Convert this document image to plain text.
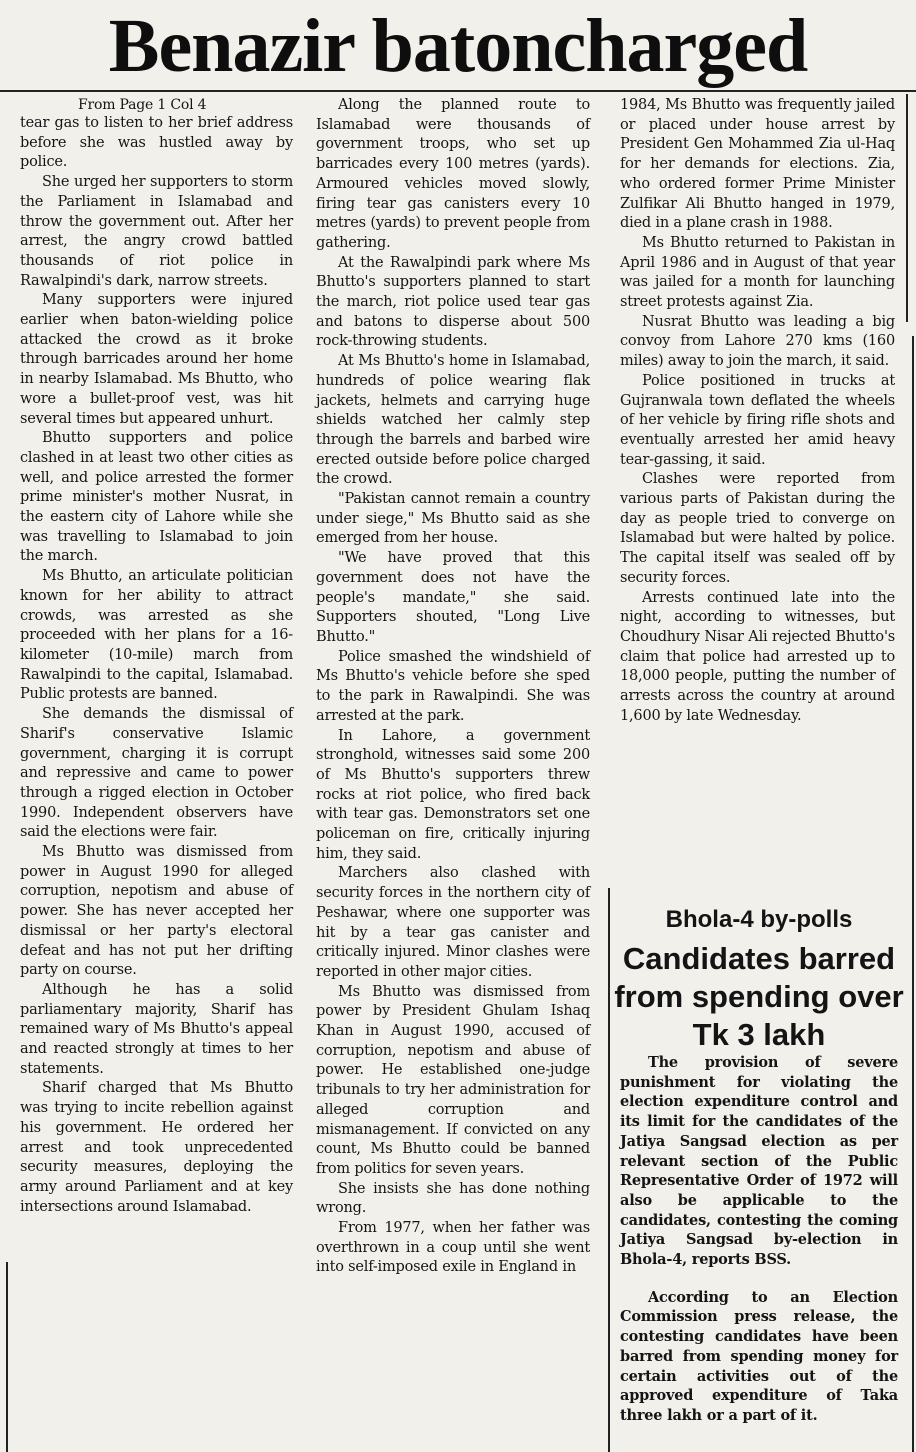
Benazir batoncharged

From Page 1 Col 4

tear gas to listen to her brief address before she was hustled away by police.

She urged her supporters to storm the Parliament in Islamabad and throw the government out. After her arrest, the angry crowd battled thousands of riot police in Rawalpindi's dark, narrow streets.

Many supporters were injured earlier when baton-wielding police attacked the crowd as it broke through barricades around her home in nearby Islamabad. Ms Bhutto, who wore a bullet-proof vest, was hit several times but appeared unhurt.

Bhutto supporters and police clashed in at least two other cities as well, and police arrested the former prime minister's mother Nusrat, in the eastern city of Lahore while she was travelling to Islamabad to join the march.

Ms Bhutto, an articulate politician known for her ability to attract crowds, was arrested as she proceeded with her plans for a 16-kilometer (10-mile) march from Rawalpindi to the capital, Islamabad. Public protests are banned.

She demands the dismissal of Sharif's conservative Islamic government, charging it is corrupt and repressive and came to power through a rigged election in October 1990. Independent observers have said the elections were fair.

Ms Bhutto was dismissed from power in August 1990 for alleged corruption, nepotism and abuse of power. She has never accepted her dismissal or her party's electoral defeat and has not put her drifting party on course.

Although he has a solid parliamentary majority, Sharif has remained wary of Ms Bhutto's appeal and reacted strongly at times to her statements.

Sharif charged that Ms Bhutto was trying to incite rebellion against his government. He ordered her arrest and took unprecedented security measures, deploying the army around Parliament and at key intersections around Islamabad.

Along the planned route to Islamabad were thousands of government troops, who set up barricades every 100 metres (yards). Armoured vehicles moved slowly, firing tear gas canisters every 10 metres (yards) to prevent people from gathering.

At the Rawalpindi park where Ms Bhutto's supporters planned to start the march, riot police used tear gas and batons to disperse about 500 rock-throwing students.

At Ms Bhutto's home in Islamabad, hundreds of police wearing flak jackets, helmets and carrying huge shields watched her calmly step through the barrels and barbed wire erected outside before police charged the crowd.

"Pakistan cannot remain a country under siege," Ms Bhutto said as she emerged from her house.

"We have proved that this government does not have the people's mandate," she said. Supporters shouted, "Long Live Bhutto."

Police smashed the windshield of Ms Bhutto's vehicle before she sped to the park in Rawalpindi. She was arrested at the park.

In Lahore, a government stronghold, witnesses said some 200 of Ms Bhutto's supporters threw rocks at riot police, who fired back with tear gas. Demonstrators set one policeman on fire, critically injuring him, they said.

Marchers also clashed with security forces in the northern city of Peshawar, where one supporter was hit by a tear gas canister and critically injured. Minor clashes were reported in other major cities.

Ms Bhutto was dismissed from power by President Ghulam Ishaq Khan in August 1990, accused of corruption, nepotism and abuse of power. He established one-judge tribunals to try her administration for alleged corruption and mismanagement. If convicted on any count, Ms Bhutto could be banned from politics for seven years.

She insists she has done nothing wrong.

From 1977, when her father was overthrown in a coup until she went into self-imposed exile in England in

1984, Ms Bhutto was frequently jailed or placed under house arrest by President Gen Mohammed Zia ul-Haq for her demands for elections. Zia, who ordered former Prime Minister Zulfikar Ali Bhutto hanged in 1979, died in a plane crash in 1988.

Ms Bhutto returned to Pakistan in April 1986 and in August of that year was jailed for a month for launching street protests against Zia.

Nusrat Bhutto was leading a big convoy from Lahore 270 kms (160 miles) away to join the march, it said.

Police positioned in trucks at Gujranwala town deflated the wheels of her vehicle by firing rifle shots and eventually arrested her amid heavy tear-gassing, it said.

Clashes were reported from various parts of Pakistan during the day as people tried to converge on Islamabad but were halted by police. The capital itself was sealed off by security forces.

Arrests continued late into the night, according to witnesses, but Choudhury Nisar Ali rejected Bhutto's claim that police had arrested up to 18,000 people, putting the number of arrests across the country at around 1,600 by late Wednesday.

Bhola-4 by-polls
Candidates barred from spending over Tk 3 lakh

The provision of severe punishment for violating the election expenditure control and its limit for the candidates of the Jatiya Sangsad election as per relevant section of the Public Representative Order of 1972 will also be applicable to the candidates, contesting the coming Jatiya Sangsad by-election in Bhola-4, reports BSS.

According to an Election Commission press release, the contesting candidates have been barred from spending money for certain activities out of the approved expenditure of Taka three lakh or a part of it.
